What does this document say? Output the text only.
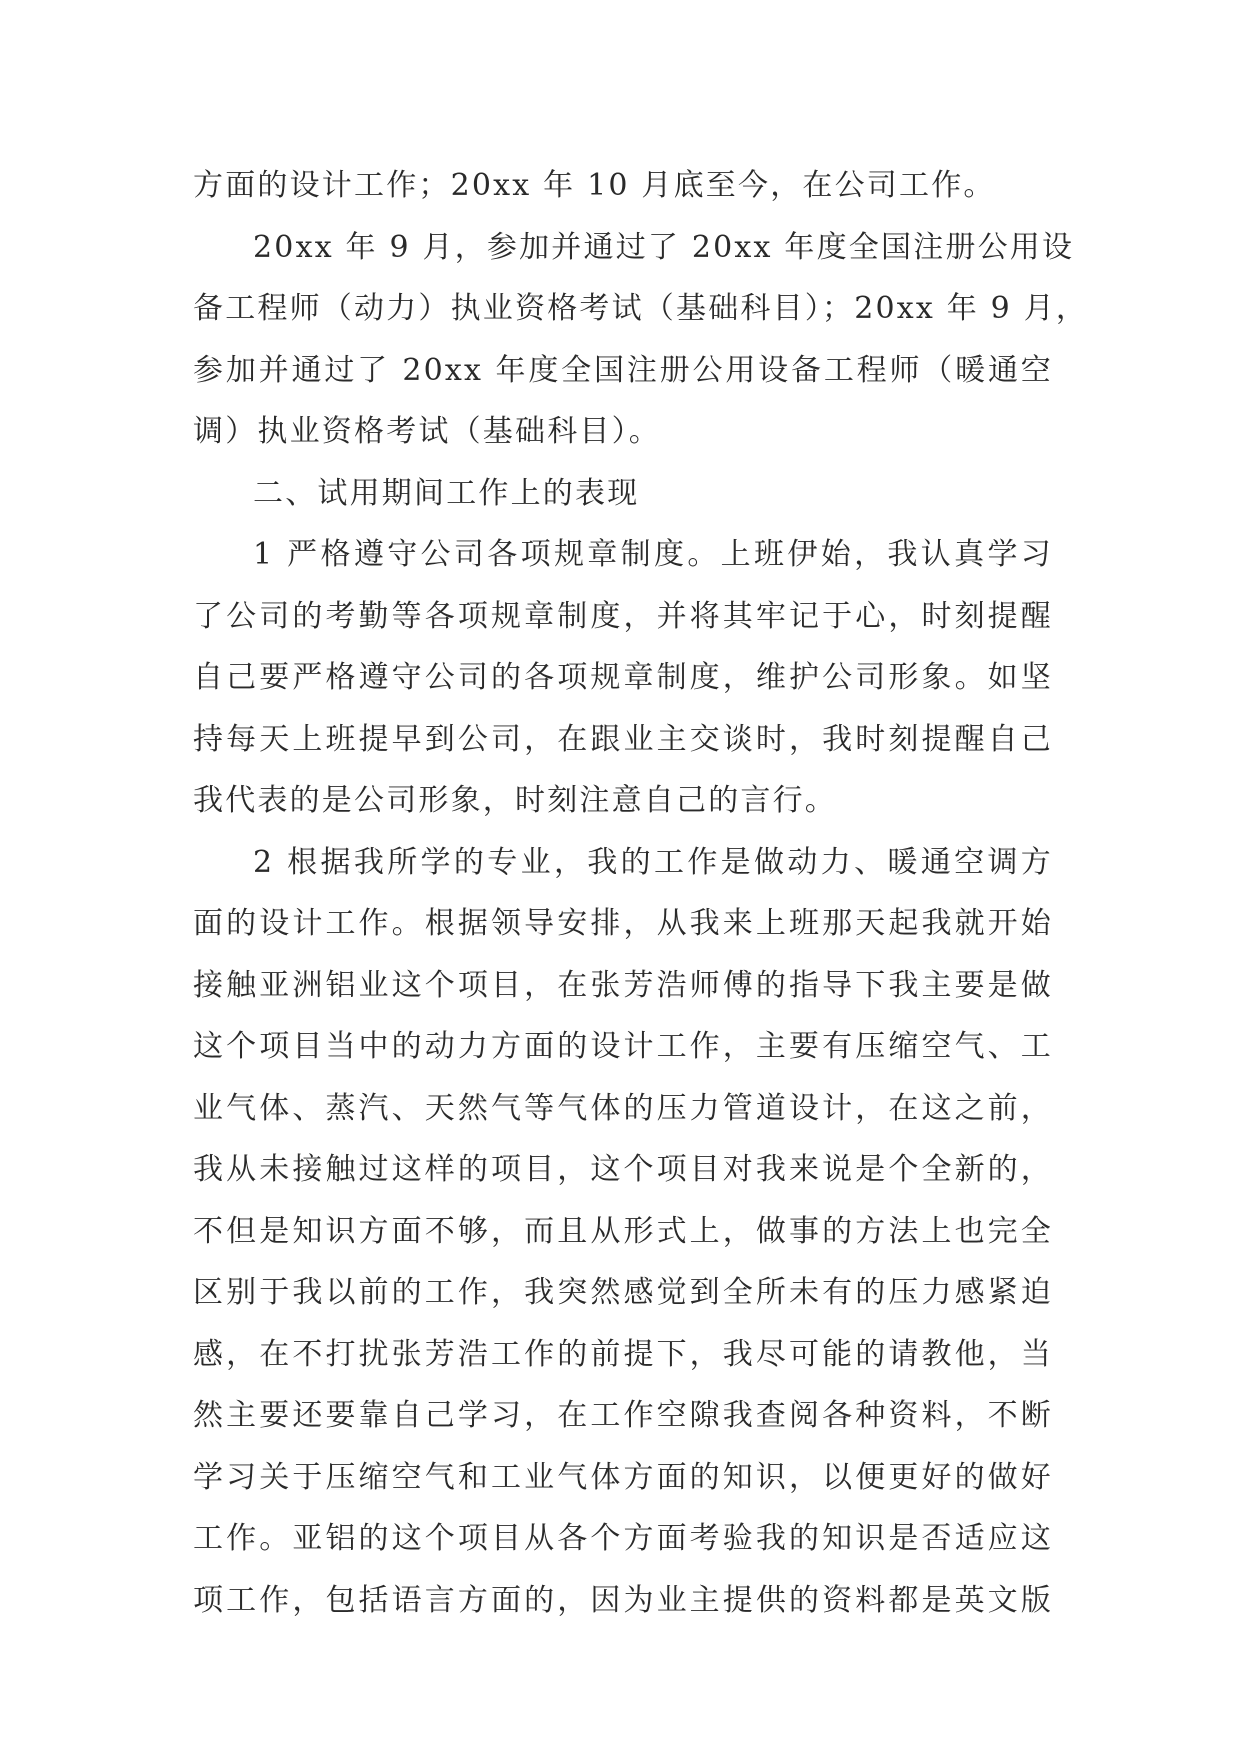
方面的设计工作；20xx 年 10 月底至今，在公司工作。
20xx 年 9 月，参加并通过了 20xx 年度全国注册公用设
备工程师（动力）执业资格考试（基础科目）；20xx 年 9 月，
参加并通过了 20xx 年度全国注册公用设备工程师（暖通空
调）执业资格考试（基础科目）。
二、试用期间工作上的表现
1 严格遵守公司各项规章制度。上班伊始，我认真学习
了公司的考勤等各项规章制度，并将其牢记于心，时刻提醒
自己要严格遵守公司的各项规章制度，维护公司形象。如坚
持每天上班提早到公司，在跟业主交谈时，我时刻提醒自己
我代表的是公司形象，时刻注意自己的言行。
2 根据我所学的专业，我的工作是做动力、暖通空调方
面的设计工作。根据领导安排，从我来上班那天起我就开始
接触亚洲铝业这个项目，在张芳浩师傅的指导下我主要是做
这个项目当中的动力方面的设计工作，主要有压缩空气、工
业气体、蒸汽、天然气等气体的压力管道设计，在这之前，
我从未接触过这样的项目，这个项目对我来说是个全新的，
不但是知识方面不够，而且从形式上，做事的方法上也完全
区别于我以前的工作，我突然感觉到全所未有的压力感紧迫
感，在不打扰张芳浩工作的前提下，我尽可能的请教他，当
然主要还要靠自己学习，在工作空隙我查阅各种资料，不断
学习关于压缩空气和工业气体方面的知识，以便更好的做好
工作。亚铝的这个项目从各个方面考验我的知识是否适应这
项工作，包括语言方面的，因为业主提供的资料都是英文版
